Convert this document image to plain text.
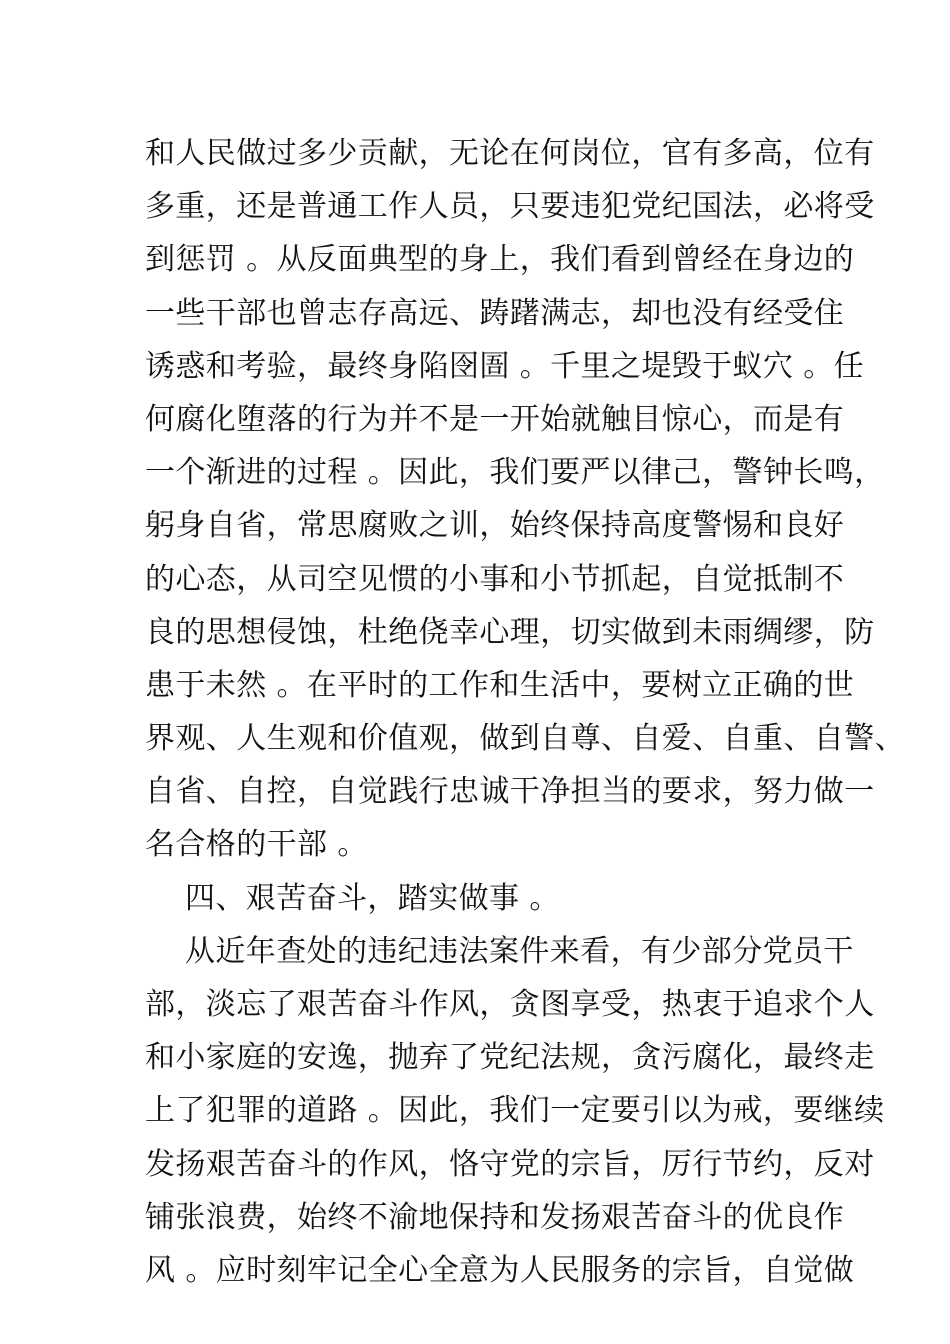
和人民做过多少贡献，无论在何岗位，官有多高，位有
多重，还是普通工作人员，只要违犯党纪国法，必将受
到惩罚 。从反面典型的身上，我们看到曾经在身边的
一些干部也曾志存高远、踌躇满志，却也没有经受住
诱惑和考验，最终身陷囹圄 。千里之堤毁于蚁穴 。任
何腐化堕落的行为并不是一开始就触目惊心，而是有
一个渐进的过程 。因此，我们要严以律己，警钟长鸣，
躬身自省，常思腐败之训，始终保持高度警惕和良好
的心态，从司空见惯的小事和小节抓起，自觉抵制不
良的思想侵蚀，杜绝侥幸心理，切实做到未雨绸缪，防
患于未然 。在平时的工作和生活中，要树立正确的世
界观、人生观和价值观，做到自尊、自爱、自重、自警、
自省、自控，自觉践行忠诚干净担当的要求，努力做一
名合格的干部 。
四、艰苦奋斗，踏实做事 。
从近年查处的违纪违法案件来看，有少部分党员干
部，淡忘了艰苦奋斗作风，贪图享受，热衷于追求个人
和小家庭的安逸，抛弃了党纪法规，贪污腐化，最终走
上了犯罪的道路 。因此，我们一定要引以为戒，要继续
发扬艰苦奋斗的作风，恪守党的宗旨，厉行节约，反对
铺张浪费，始终不渝地保持和发扬艰苦奋斗的优良作
风 。应时刻牢记全心全意为人民服务的宗旨，自觉做
